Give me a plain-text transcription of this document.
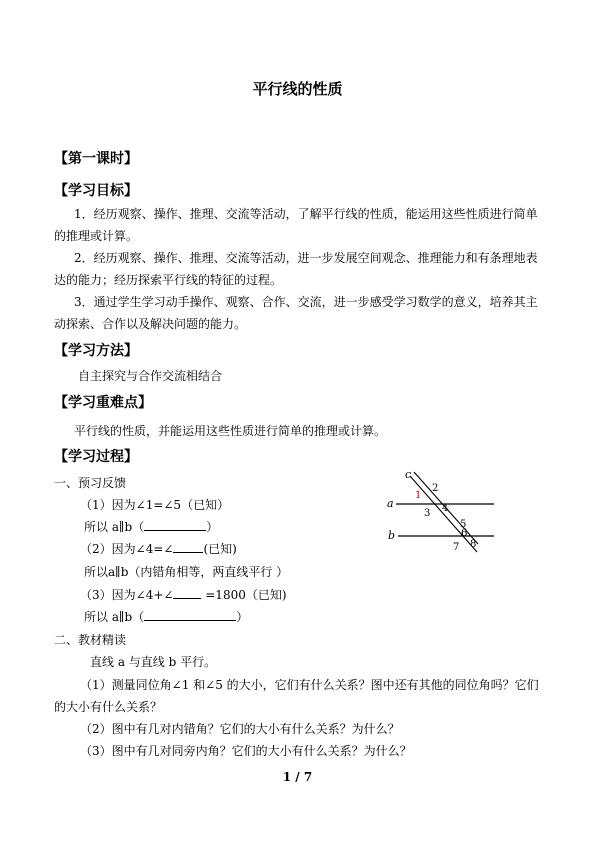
平行线的性质
【第一课时】
【学习目标】
1．经历观察、操作、推理、交流等活动，了解平行线的性质，能运用这些性质进行简单
的推理或计算。
2．经历观察、操作、推理、交流等活动，进一步发展空间观念、推理能力和有条理地表
达的能力；经历探索平行线的特征的过程。
3．通过学生学习动手操作、观察、合作、交流，进一步感受学习数学的意义，培养其主
动探索、合作以及解决问题的能力。
【学习方法】
自主探究与合作交流相结合
【学习重难点】
平行线的性质，并能运用这些性质进行简单的推理或计算。
【学习过程】
一、预习反馈
（1）因为∠1=∠5（已知）
所以 a∥b（	）
（2）因为∠4=∠	(已知)
所以a∥b（内错角相等，两直线平行 ）
（3）因为∠4+∠ =1800（已知)
所以 a∥b（	）
二、教材精读
直线 a 与直线 b 平行。
（1）测量同位角∠1 和∠5 的大小，它们有什么关系？图中还有其他的同位角吗？它们
的大小有什么关系？
（2）图中有几对内错角？它们的大小有什么关系？为什么？
（3）图中有几对同旁内角？它们的大小有什么关系？为什么？
c
a
b
1
2
3 4
5
6
7 8
1 / 7
